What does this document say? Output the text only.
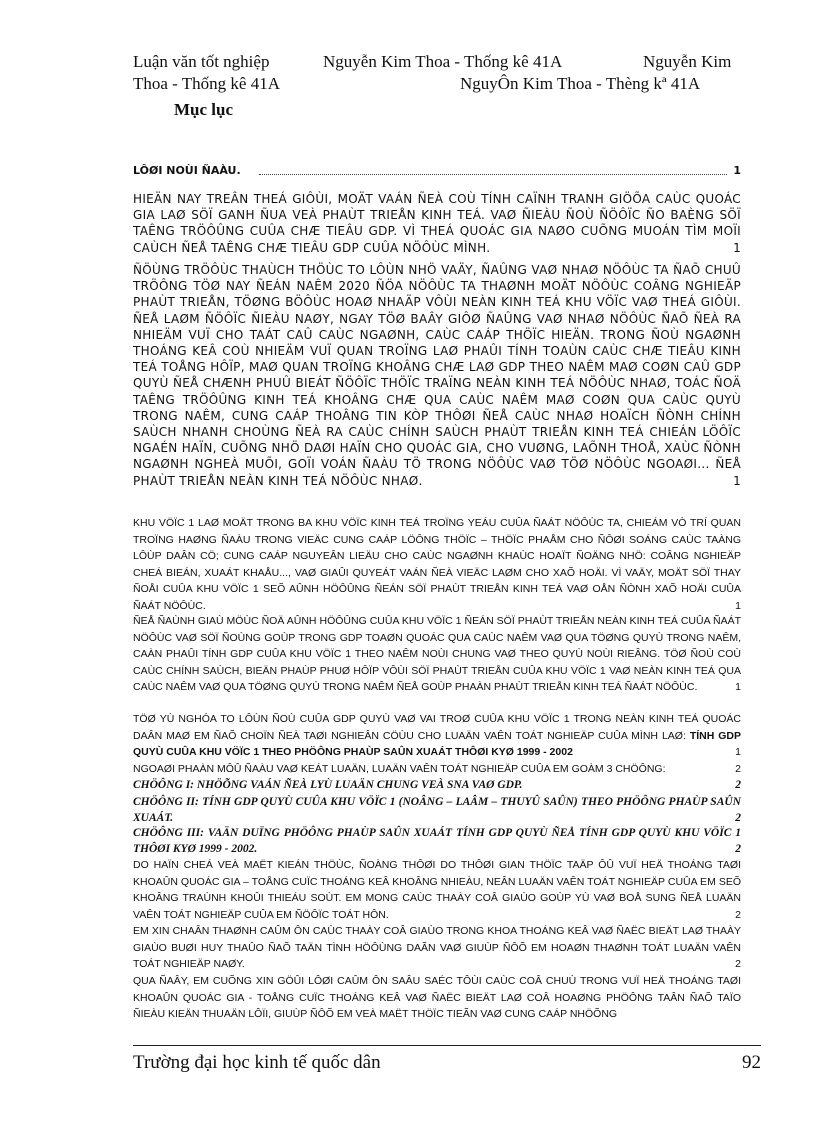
Luận văn tốt nghiệp	Nguyễn Kim Thoa - Thống kê 41A	Nguyễn Kim
Thoa - Thống kê 41A	NguyÔn Kim Thoa - Thèng kª 41A
Mục lục
LÔØI NOÙI ÑAÀU.	1
HIEÄN NAY TREÂN THEÁ GIÔÙI, MOÄT VAÁN ÑEÀ COÙ TÍNH CAÏNH TRANH GIÖÕA CAÙC QUOÁC GIA LAØ SÖÏ GANH ÑUA VEÀ PHAÙT TRIEÅN KINH TEÁ. VAØ ÑIEÀU ÑOÙ ÑÖÔÏC ÑO BAÈNG SÖÏ TAÊNG TRÖÔÛNG CUÛA CHÆ TIEÂU GDP. VÌ THEÁ QUOÁC GIA NAØO CUÕNG MUOÁN TÌM MOÏI CAÙCH ÑEÅ TAÊNG CHÆ TIEÂU GDP CUÛA NÖÔÙC MÌNH.	1
ÑÖÙNG TRÖÔÙC THAÙCH THÖÙC TO LÔÙN NHÖ VAÄY, ÑAÛNG VAØ NHAØ NÖÔÙC TA ÑAÕ CHUÛ TRÖÔNG TÖØ NAY ÑEÁN NAÊM 2020 ÑÖA NÖÔÙC TA THAØNH MOÄT NÖÔÙC COÂNG NGHIEÄP PHAÙT TRIEÅN, TÖØNG BÖÔÙC HOAØ NHAÄP VÔÙI NEÀN KINH TEÁ KHU VÖÏC VAØ THEÁ GIÔÙI. ÑEÅ LAØM ÑÖÔÏC ÑIEÀU NAØY, NGAY TÖØ BAÂY GIÔØ ÑAÛNG VAØ NHAØ NÖÔÙC ÑAÕ ÑEÀ RA NHIEÄM VUÏ CHO TAÁT CAÛ CAÙC NGAØNH, CAÙC CAÁP THÖÏC HIEÄN. TRONG ÑOÙ NGAØNH THOÁNG KEÂ COÙ NHIEÄM VUÏ QUAN TROÏNG LAØ PHAÛI TÍNH TOAÙN CAÙC CHÆ TIEÂU KINH TEÁ TOÅNG HÔÏP, MAØ QUAN TROÏNG KHOÂNG CHÆ LAØ GDP THEO NAÊM MAØ COØN CAÛ GDP QUYÙ ÑEÅ CHÆNH PHUÛ BIEÁT ÑÖÔÏC THÖÏC TRAÏNG NEÀN KINH TEÁ NÖÔÙC NHAØ, TOÁC ÑOÄ TAÊNG TRÖÔÛNG KINH TEÁ KHOÂNG CHÆ QUA CAÙC NAÊM MAØ COØN QUA CAÙC QUYÙ TRONG NAÊM, CUNG CAÁP THOÂNG TIN KÒP THÔØI ÑEÅ CAÙC NHAØ HOAÏCH ÑÒNH CHÍNH SAÙCH NHANH CHOÙNG ÑEÀ RA CAÙC CHÍNH SAÙCH PHAÙT TRIEÅN KINH TEÁ CHIEÁN LÖÔÏC NGAÉN HAÏN, CUÕNG NHÖ DAØI HAÏN CHO QUOÁC GIA, CHO VUØNG, LAÕNH THOÅ, XAÙC ÑÒNH NGAØNH NGHEÀ MUÕI, GOÏI VOÁN ÑAÀU TÖ TRONG NÖÔÙC VAØ TÖØ NÖÔÙC NGOAØI... ÑEÅ PHAÙT TRIEÅN NEÀN KINH TEÁ NÖÔÙC NHAØ.	1
KHU VÖÏC 1 LAØ MOÄT TRONG BA KHU VÖÏC KINH TEÁ TROÏNG YEÁU CUÛA ÑAÁT NÖÔÙC TA, CHIEÁM VÒ TRÍ QUAN TROÏNG HAØNG ÑAÀU TRONG VIEÄC CUNG CAÁP LÖÔNG THÖÏC – THÖÏC PHAÅM CHO ÑÔØI SOÁNG CAÙC TAÀNG LÔÙP DAÂN CÖ; CUNG CAÁP NGUYEÂN LIEÄU CHO CAÙC NGAØNH KHAÙC HOAÏT ÑOÄNG NHÖ: COÂNG NGHIEÄP CHEÁ BIEÁN, XUAÁT KHAÅU..., VAØ GIAÛI QUYEÁT VAÁN ÑEÀ VIEÄC LAØM CHO XAÕ HOÄI. VÌ VAÄY, MOÄT SÖÏ THAY ÑOÅI CUÛA KHU VÖÏC 1 SEÕ AÛNH HÖÔÛNG ÑEÁN SÖÏ PHAÙT TRIEÅN KINH TEÁ VAØ OÅN ÑÒNH XAÕ HOÄI CUÛA ÑAÁT NÖÔÙC.	1
ÑEÅ ÑAÙNH GIAÙ MÖÙC ÑOÄ AÛNH HÖÔÛNG CUÛA KHU VÖÏC 1 ÑEÁN SÖÏ PHAÙT TRIEÅN NEÀN KINH TEÁ CUÛA ÑAÁT NÖÔÙC VAØ SÖÏ ÑOÙNG GOÙP TRONG GDP TOAØN QUOÁC QUA CAÙC NAÊM VAØ QUA TÖØNG QUYÙ TRONG NAÊM, CAÀN PHAÛI TÍNH GDP CUÛA KHU VÖÏC 1 THEO NAÊM NOÙI CHUNG VAØ THEO QUYÙ NOÙI RIEÂNG. TÖØ ÑOÙ COÙ CAÙC CHÍNH SAÙCH, BIEÄN PHAÙP PHUØ HÔÏP VÔÙI SÖÏ PHAÙT TRIEÅN CUÛA KHU VÖÏC 1 VAØ NEÀN KINH TEÁ QUA CAÙC NAÊM VAØ QUA TÖØNG QUYÙ TRONG NAÊM ÑEÅ GOÙP PHAÀN PHAÙT TRIEÅN KINH TEÁ ÑAÁT NÖÔÙC.	1
TÖØ YÙ NGHÓA TO LÔÙN ÑOÙ CUÛA GDP QUYÙ VAØ VAI TROØ CUÛA KHU VÖÏC 1 TRONG NEÀN KINH TEÁ QUOÁC DAÂN MAØ EM ÑAÕ CHOÏN ÑEÀ TAØI NGHIEÂN CÖÙU CHO LUAÄN VAÊN TOÁT NGHIEÄP CUÛA MÌNH LAØ: TÍNH GDP QUYÙ CUÛA KHU VÖÏC 1 THEO PHÖÔNG PHAÙP SAÛN XUAÁT THÔØI KYØ 1999 - 2002	1
NGOAØI PHAÀN MÔÛ ÑAÀU VAØ KEÁT LUAÄN, LUAÄN VAÊN TOÁT NGHIEÄP CUÛA EM GOÀM 3 CHÖÔNG:	2
CHÖÔNG I: NHÖÕNG VAÁN ÑEÀ LYÙ LUAÄN CHUNG VEÀ SNA VAØ GDP.	2
CHÖÔNG II: TÍNH GDP QUYÙ CUÛA KHU VÖÏC 1 (NOÂNG – LAÂM – THUYÛ SAÛN) THEO PHÖÔNG PHAÙP SAÛN XUAÁT.	2
CHÖÔNG III: VAÄN DUÏNG PHÖÔNG PHAÙP SAÛN XUAÁT TÍNH GDP QUYÙ ÑEÅ TÍNH GDP QUYÙ KHU VÖÏC 1 THÔØI KYØ 1999 - 2002.	2
DO HAÏN CHEÁ VEÀ MAËT KIEÁN THÖÙC, ÑOÀNG THÔØI DO THÔØI GIAN THÖÏC TAÄP ÔÛ VUÏ HEÄ THOÁNG TAØI KHOAÛN QUOÁC GIA – TOÅNG CUÏC THOÁNG KEÂ KHOÂNG NHIEÀU, NEÂN LUAÄN VAÊN TOÁT NGHIEÄP CUÛA EM SEÕ KHOÂNG TRAÙNH KHOÛI THIEÁU SOÙT. EM MONG CAÙC THAÀY COÂ GIAÙO GOÙP YÙ VAØ BOÅ SUNG ÑEÅ LUAÄN VAÊN TOÁT NGHIEÄP CUÛA EM ÑÖÔÏC TOÁT HÔN.	2
EM XIN CHAÂN THAØNH CAÛM ÔN CAÙC THAÀY COÂ GIAÙO TRONG KHOA THOÁNG KEÂ VAØ ÑAËC BIEÄT LAØ THAÀY GIAÙO BUØI HUY THAÛO ÑAÕ TAÄN TÌNH HÖÔÙNG DAÃN VAØ GIUÙP ÑÔÕ EM HOAØN THAØNH TOÁT LUAÄN VAÊN TOÁT NGHIEÄP NAØY.	2
QUA ÑAÂY, EM CUÕNG XIN GÖÛI LÔØI CAÛM ÔN SAÂU SAÉC TÔÙI CAÙC COÂ CHUÙ TRONG VUÏ HEÄ THOÁNG TAØI KHOAÛN QUOÁC GIA - TOÅNG CUÏC THOÁNG KEÂ VAØ ÑAËC BIEÄT LAØ COÂ HOAØNG PHÖÔNG TAÂN ÑAÕ TAÏO ÑIEÀU KIEÄN THUAÄN LÔÏI, GIUÙP ÑÔÕ EM VEÀ MAËT THÖÏC TIEÃN VAØ CUNG CAÁP NHÖÕNG
Trường đại học kinh tế quốc dân	92
